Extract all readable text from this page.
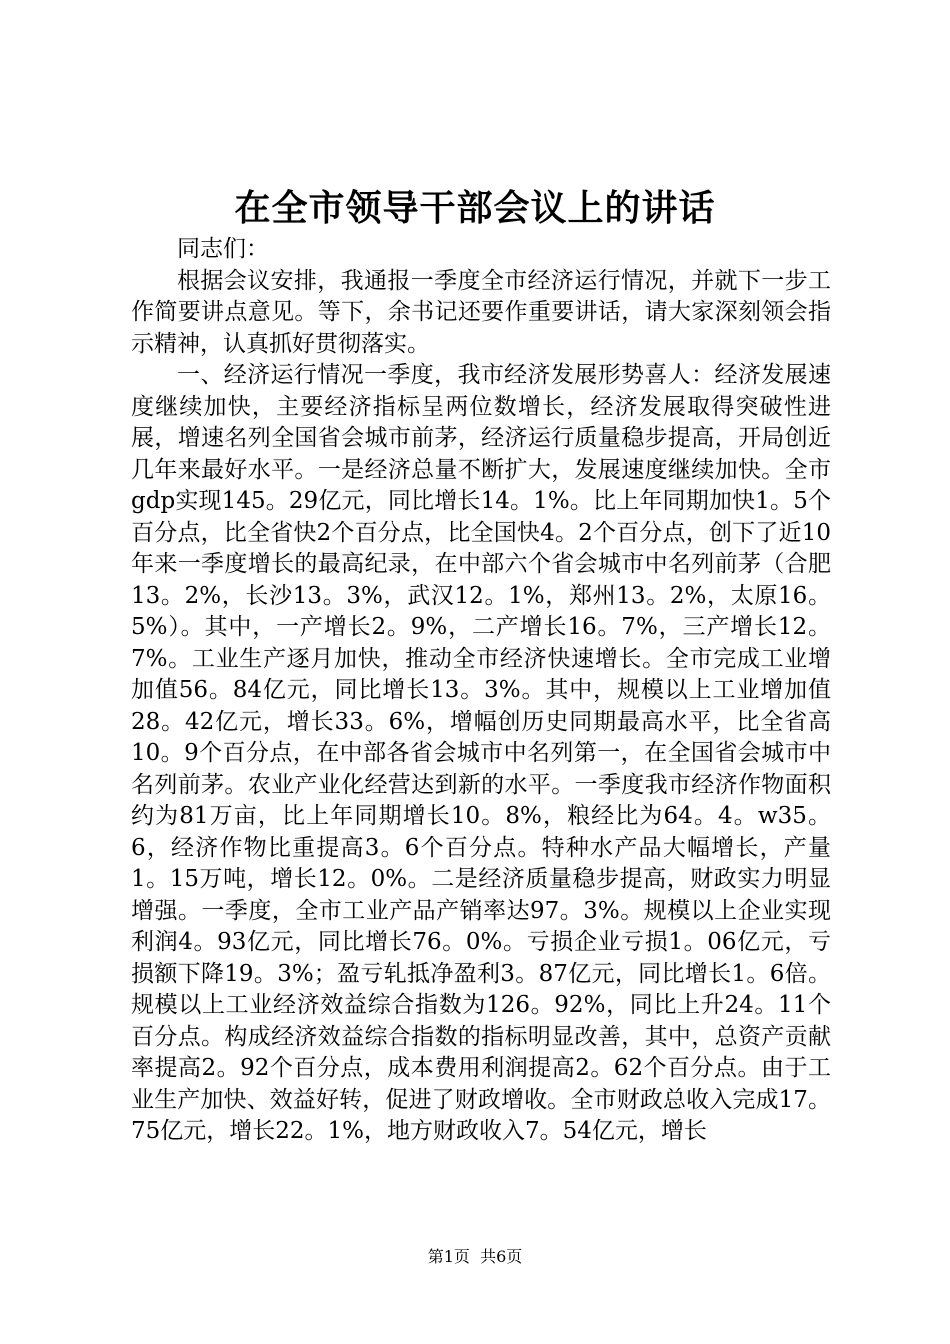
在全市领导干部会议上的讲话

同志们：

根据会议安排，我通报一季度全市经济运行情况，并就下一步工作简要讲点意见。等下，余书记还要作重要讲话，请大家深刻领会指示精神，认真抓好贯彻落实。

一、经济运行情况一季度，我市经济发展形势喜人：经济发展速度继续加快，主要经济指标呈两位数增长，经济发展取得突破性进展，增速名列全国省会城市前茅，经济运行质量稳步提高，开局创近几年来最好水平。一是经济总量不断扩大，发展速度继续加快。全市gdp实现145。29亿元，同比增长14。1%。比上年同期加快1。5个百分点，比全省快2个百分点，比全国快4。2个百分点，创下了近10年来一季度增长的最高纪录，在中部六个省会城市中名列前茅（合肥13。2%，长沙13。3%，武汉12。1%，郑州13。2%，太原16。5%）。其中，一产增长2。9%，二产增长16。7%，三产增长12。7%。工业生产逐月加快，推动全市经济快速增长。全市完成工业增加值56。84亿元，同比增长13。3%。其中，规模以上工业增加值28。42亿元，增长33。6%，增幅创历史同期最高水平，比全省高10。9个百分点，在中部各省会城市中名列第一，在全国省会城市中名列前茅。农业产业化经营达到新的水平。一季度我市经济作物面积约为81万亩，比上年同期增长10。8%，粮经比为64。4。w35。6，经济作物比重提高3。6个百分点。特种水产品大幅增长，产量1。15万吨，增长12。0%。二是经济质量稳步提高，财政实力明显增强。一季度，全市工业产品产销率达97。3%。规模以上企业实现利润4。93亿元，同比增长76。0%。亏损企业亏损1。06亿元，亏损额下降19。3%；盈亏轧抵净盈利3。87亿元，同比增长1。6倍。规模以上工业经济效益综合指数为126。92%，同比上升24。11个百分点。构成经济效益综合指数的指标明显改善，其中，总资产贡献率提高2。92个百分点，成本费用利润提高2。62个百分点。由于工业生产加快、效益好转，促进了财政增收。全市财政总收入完成17。75亿元，增长22。1%，地方财政收入7。54亿元，增长

第1页 共6页
